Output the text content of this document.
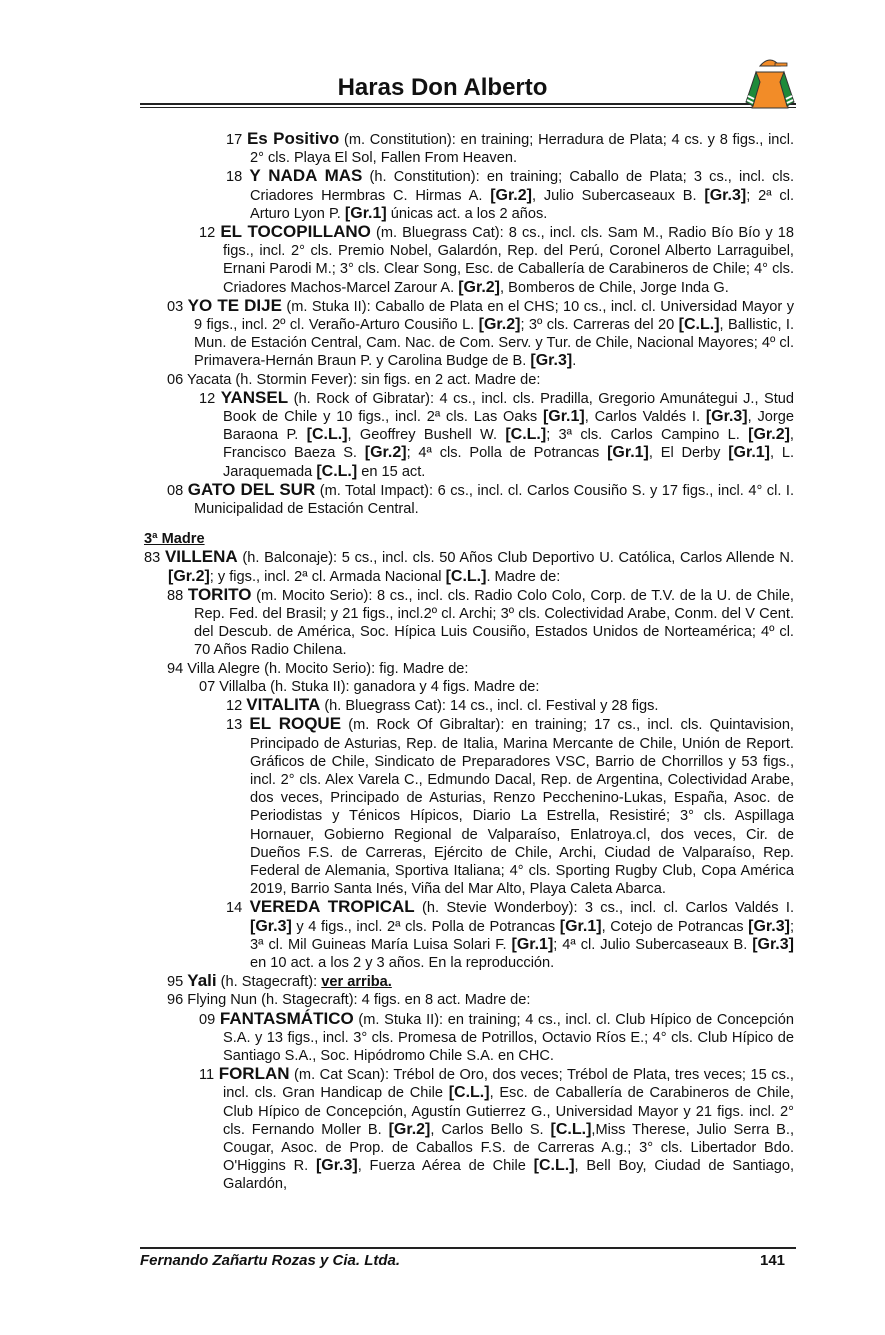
Haras Don Alberto
17 Es Positivo (m. Constitution): en training; Herradura de Plata; 4 cs. y 8 figs., incl. 2° cls. Playa El Sol, Fallen From Heaven.
18 Y NADA MAS (h. Constitution): en training; Caballo de Plata; 3 cs., incl. cls. Criadores Hermbras C. Hirmas A. [Gr.2], Julio Subercaseaux B. [Gr.3]; 2ª cl. Arturo Lyon P. [Gr.1] únicas act. a los 2 años.
12 EL TOCOPILLANO (m. Bluegrass Cat): 8 cs., incl. cls. Sam M., Radio Bío Bío y 18 figs., incl. 2° cls. Premio Nobel, Galardón, Rep. del Perú, Coronel Alberto Larraguibel, Ernani Parodi M.; 3° cls. Clear Song, Esc. de Caballería de Carabineros de Chile; 4° cls. Criadores Machos-Marcel Zarour A. [Gr.2], Bomberos de Chile, Jorge Inda G.
03 YO TE DIJE (m. Stuka II): Caballo de Plata en el CHS; 10 cs., incl. cl. Universidad Mayor y 9 figs., incl. 2º cl. Veraño-Arturo Cousiño L. [Gr.2]; 3º cls. Carreras del 20 [C.L.], Ballistic, I. Mun. de Estación Central, Cam. Nac. de Com. Serv. y Tur. de Chile, Nacional Mayores; 4º cl. Primavera-Hernán Braun P. y Carolina Budge de B. [Gr.3].
06 Yacata (h. Stormin Fever): sin figs. en 2 act. Madre de:
12 YANSEL (h. Rock of Gibratar): 4 cs., incl. cls. Pradilla, Gregorio Amunátegui J., Stud Book de Chile y 10 figs., incl. 2ª cls. Las Oaks [Gr.1], Carlos Valdés I. [Gr.3], Jorge Baraona P. [C.L.], Geoffrey Bushell W. [C.L.]; 3ª cls. Carlos Campino L. [Gr.2], Francisco Baeza S. [Gr.2]; 4ª cls. Polla de Potrancas [Gr.1], El Derby [Gr.1], L. Jaraquemada [C.L.] en 15 act.
08 GATO DEL SUR (m. Total Impact): 6 cs., incl. cl. Carlos Cousiño S. y 17 figs., incl. 4° cl. I. Municipalidad de Estación Central.
3ª Madre
83 VILLENA (h. Balconaje): 5 cs., incl. cls. 50 Años Club Deportivo U. Católica, Carlos Allende N. [Gr.2]; y figs., incl. 2ª cl. Armada Nacional [C.L.]. Madre de:
88 TORITO (m. Mocito Serio): 8 cs., incl. cls. Radio Colo Colo, Corp. de T.V. de la U. de Chile, Rep. Fed. del Brasil; y 21 figs., incl.2º cl. Archi; 3º cls. Colectividad Arabe, Conm. del V Cent. del Descub. de América, Soc. Hípica Luis Cousiño, Estados Unidos de Norteamérica; 4º cl. 70 Años Radio Chilena.
94 Villa Alegre (h. Mocito Serio): fig. Madre de:
07 Villalba (h. Stuka II): ganadora y 4 figs. Madre de:
12 VITALITA (h. Bluegrass Cat): 14 cs., incl. cl. Festival y 28 figs.
13 EL ROQUE (m. Rock Of Gibraltar): en training; 17 cs., incl. cls. Quintavision, Principado de Asturias, Rep. de Italia, Marina Mercante de Chile, Unión de Report. Gráficos de Chile, Sindicato de Preparadores VSC, Barrio de Chorrillos y 53 figs., incl. 2° cls. Alex Varela C., Edmundo Dacal, Rep. de Argentina, Colectividad Arabe, dos veces, Principado de Asturias, Renzo Pecchenino-Lukas, España, Asoc. de Periodistas y Ténicos Hípicos, Diario La Estrella, Resistiré; 3° cls. Aspillaga Hornauer, Gobierno Regional de Valparaíso, Enlatroya.cl, dos veces, Cir. de Dueños F.S. de Carreras, Ejército de Chile, Archi, Ciudad de Valparaíso, Rep. Federal de Alemania, Sportiva Italiana; 4° cls. Sporting Rugby Club, Copa América 2019, Barrio Santa Inés, Viña del Mar Alto, Playa Caleta Abarca.
14 VEREDA TROPICAL (h. Stevie Wonderboy): 3 cs., incl. cl. Carlos Valdés I. [Gr.3] y 4 figs., incl. 2ª cls. Polla de Potrancas [Gr.1], Cotejo de Potrancas [Gr.3]; 3ª cl. Mil Guineas María Luisa Solari F. [Gr.1]; 4ª cl. Julio Subercaseaux B. [Gr.3] en 10 act. a los 2 y 3 años. En la reproducción.
95 Yali (h. Stagecraft): ver arriba.
96 Flying Nun (h. Stagecraft): 4 figs. en 8 act. Madre de:
09 FANTASMÁTICO (m. Stuka II): en training; 4 cs., incl. cl. Club Hípico de Concepción S.A. y 13 figs., incl. 3° cls. Promesa de Potrillos, Octavio Ríos E.; 4° cls. Club Hípico de Santiago S.A., Soc. Hipódromo Chile S.A. en CHC.
11 FORLAN (m. Cat Scan): Trébol de Oro, dos veces; Trébol de Plata, tres veces; 15 cs., incl. cls. Gran Handicap de Chile [C.L.], Esc. de Caballería de Carabineros de Chile, Club Hípico de Concepción, Agustín Gutierrez G., Universidad Mayor y 21 figs. incl. 2° cls. Fernando Moller B. [Gr.2], Carlos Bello S. [C.L.],Miss Therese, Julio Serra B., Cougar, Asoc. de Prop. de Caballos F.S. de Carreras A.g.; 3° cls. Libertador Bdo. O'Higgins R. [Gr.3], Fuerza Aérea de Chile [C.L.], Bell Boy, Ciudad de Santiago, Galardón,
Fernando Zañartu Rozas y Cia. Ltda.	141
